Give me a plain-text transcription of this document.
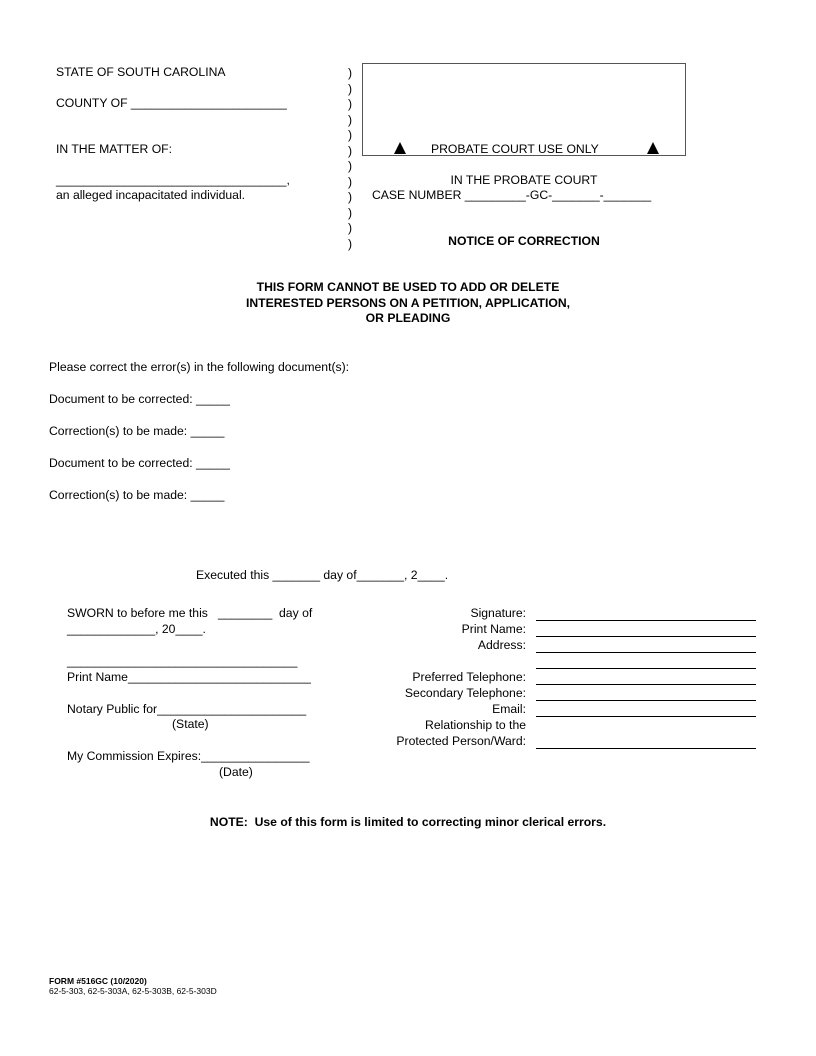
STATE OF SOUTH CAROLINA
COUNTY OF _______________________
IN THE MATTER OF:
__________________________________,
an alleged incapacitated individual.
)
)
)
)
)
)
)
)
)
)
)
)
PROBATE COURT USE ONLY
IN THE PROBATE COURT
CASE NUMBER _________-GC-_______-_______
NOTICE OF CORRECTION
THIS FORM CANNOT BE USED TO ADD OR DELETE
INTERESTED PERSONS ON A PETITION, APPLICATION,
OR PLEADING
Please correct the error(s) in the following document(s):
Document to be corrected: _____
Correction(s) to be made: _____
Document to be corrected: _____
Correction(s) to be made: _____
Executed this _______ day of_______, 2____.
SWORN to before me this   ________  day of
_____________, 20____.
__________________________________
Print Name___________________________
Notary Public for______________________
(State)
My Commission Expires:________________
(Date)
Signature:
Print Name:
Address:
Preferred Telephone:
Secondary Telephone:
Email:
Relationship to the
Protected Person/Ward:
NOTE:  Use of this form is limited to correcting minor clerical errors.
FORM #516GC (10/2020)
62-5-303, 62-5-303A, 62-5-303B, 62-5-303D
